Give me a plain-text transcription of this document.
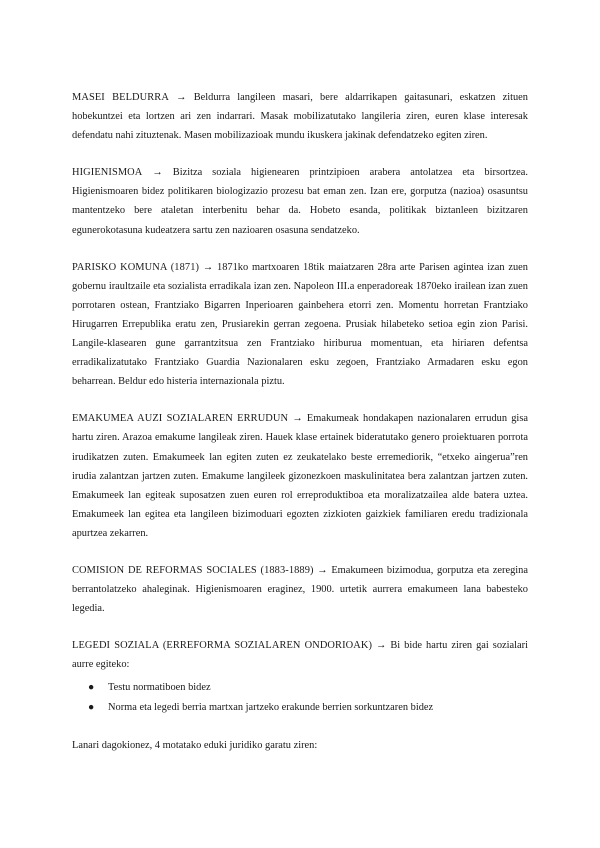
MASEI BELDURRA → Beldurra langileen masari, bere aldarrikapen gaitasunari, eskatzen zituen hobekuntzei eta lortzen ari zen indarrari. Masak mobilizatutako langileria ziren, euren klase interesak defendatu nahi zituztenak. Masen mobilizazioak mundu ikuskera jakinak defendatzeko egiten ziren.

HIGIENISMOA → Bizitza soziala higienearen printzipioen arabera antolatzea eta birsortzea. Higienismoaren bidez politikaren biologizazio prozesu bat eman zen. Izan ere, gorputza (nazioa) osasuntsu mantentzeko bere ataletan interbenitu behar da. Hobeto esanda, politikak biztanleen bizitzaren egunerokotasuna kudeatzera sartu zen nazioaren osasuna sendatzeko.

PARISKO KOMUNA (1871) → 1871ko martxoaren 18tik maiatzaren 28ra arte Parisen agintea izan zuen gobernu iraultzaile eta sozialista erradikala izan zen. Napoleon III.a enperadoreak 1870eko irailean izan zuen porrotaren ostean, Frantziako Bigarren Inperioaren gainbehera etorri zen. Momentu horretan Frantziako Hirugarren Errepublika eratu zen, Prusiarekin gerran zegoena. Prusiak hilabeteko setioa egin zion Parisi. Langile-klasearen gune garrantzitsua zen Frantziako hiriburua momentuan, eta hiriaren defentsa erradikalizatutako Frantziako Guardia Nazionalaren esku zegoen, Frantziako Armadaren esku egon beharrean. Beldur edo histeria internazionala piztu.

EMAKUMEA AUZI SOZIALAREN ERRUDUN → Emakumeak hondakapen nazionalaren errudun gisa hartu ziren. Arazoa emakume langileak ziren. Hauek klase ertainek bideratutako genero proiektuaren porrota irudikatzen zuten. Emakumeek lan egiten zuten ez zeukatelako beste erremediorik, “etxeko aingerua”ren irudia zalantzan jartzen zuten. Emakume langileek gizonezkoen maskulinitatea bera zalantzan jartzen zuten. Emakumeek lan egiteak suposatzen zuen euren rol erreproduktiboa eta moralizatzailea alde batera uztea. Emakumeek lan egitea eta langileen bizimoduari egozten zizkioten gaizkiek familiaren eredu tradizionala apurtzea zekarren.

COMISION DE REFORMAS SOCIALES (1883-1889) → Emakumeen bizimodua, gorputza eta zeregina berrantolatzeko ahaleginak. Higienismoaren eraginez, 1900. urtetik aurrera emakumeen lana babesteko legedia.

LEGEDI SOZIALA (ERREFORMA SOZIALAREN ONDORIOAK) → Bi bide hartu ziren gai sozialari aurre egiteko:

● Testu normatiboen bidez
● Norma eta legedi berria martxan jartzeko erakunde berrien sorkuntzaren bidez

Lanari dagokionez, 4 motatako eduki juridiko garatu ziren:
